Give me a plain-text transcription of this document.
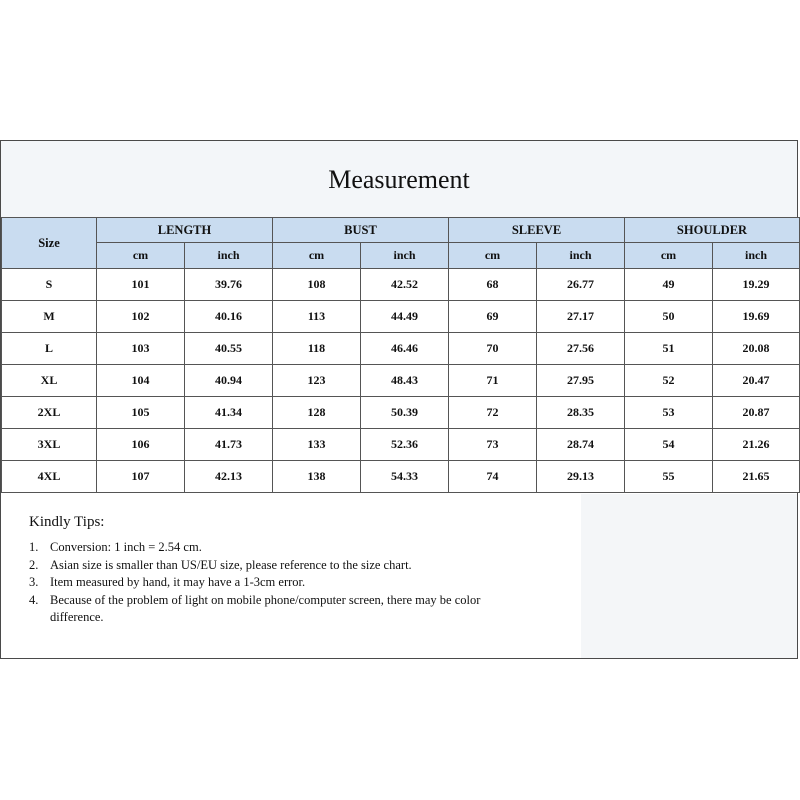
Measurement
Size	LENGTH		BUST		SLEEVE		SHOULDER	
	cm	inch	cm	inch	cm	inch	cm	inch
S	101	39.76	108	42.52	68	26.77	49	19.29
M	102	40.16	113	44.49	69	27.17	50	19.69
L	103	40.55	118	46.46	70	27.56	51	20.08
XL	104	40.94	123	48.43	71	27.95	52	20.47
2XL	105	41.34	128	50.39	72	28.35	53	20.87
3XL	106	41.73	133	52.36	73	28.74	54	21.26
4XL	107	42.13	138	54.33	74	29.13	55	21.65
Kindly Tips:
1. Conversion: 1 inch = 2.54 cm.
2. Asian size is smaller than US/EU size, please reference to the size chart.
3. Item measured by hand, it may have a 1-3cm error.
4. Because of the problem of light on mobile phone/computer screen, there may be color difference.
